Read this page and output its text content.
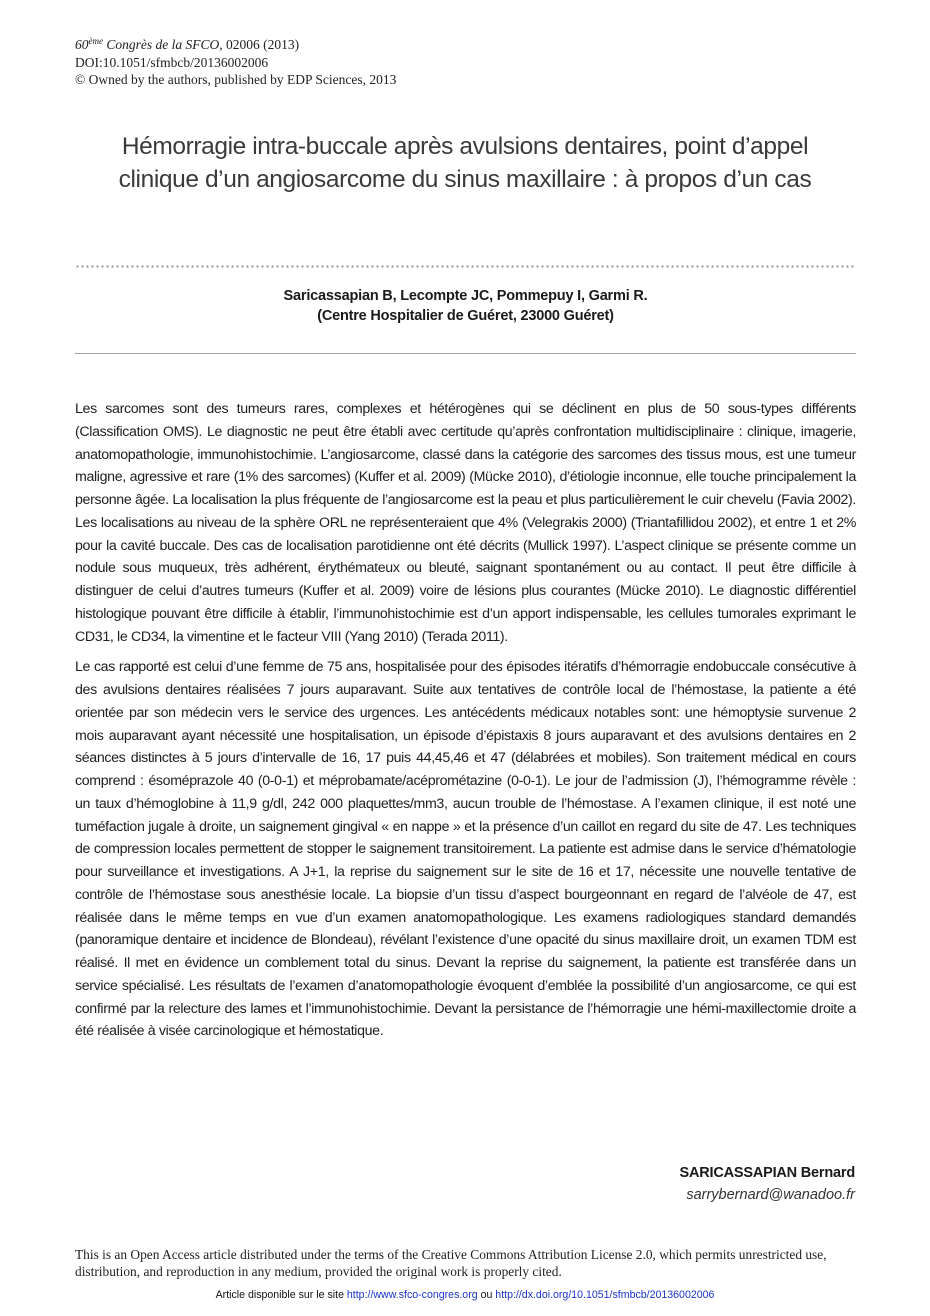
60ème Congrès de la SFCO, 02006 (2013)
DOI:10.1051/sfmbcb/20136002006
© Owned by the authors, published by EDP Sciences, 2013
Hémorragie intra-buccale après avulsions dentaires, point d’appel
clinique d’un angiosarcome du sinus maxillaire : à propos d’un cas
Saricassapian B, Lecompte JC, Pommepuy I, Garmi R.
(Centre Hospitalier de Guéret, 23000 Guéret)

Les sarcomes sont des tumeurs rares, complexes et hétérogènes qui se déclinent en plus de 50 sous-types différents (Classification OMS). Le diagnostic ne peut être établi avec certitude qu’après confrontation multidisciplinaire : clinique, imagerie, anatomopathologie, immunohistochimie. L’angiosarcome, classé dans la catégorie des sarcomes des tissus mous, est une tumeur maligne, agressive et rare (1% des sarcomes) (Kuffer et al. 2009) (Mücke 2010), d’étiologie inconnue, elle touche principalement la personne âgée. La localisation la plus fréquente de l’angiosarcome est la peau et plus particulièrement le cuir chevelu (Favia 2002). Les localisations au niveau de la sphère ORL ne représenteraient que 4% (Velegrakis 2000) (Triantafillidou 2002), et entre 1 et 2% pour la cavité buccale. Des cas de localisation parotidienne ont été décrits (Mullick 1997). L’aspect clinique se présente comme un nodule sous muqueux, très adhérent, érythémateux ou bleuté, saignant spontanément ou au contact. Il peut être difficile à distinguer de celui d’autres tumeurs (Kuffer et al. 2009) voire de lésions plus courantes (Mücke 2010). Le diagnostic différentiel histologique pouvant être difficile à établir, l’immunohistochimie est d’un apport indispensable, les cellules tumorales exprimant le CD31, le CD34, la vimentine et le facteur VIII (Yang 2010) (Terada 2011).

Le cas rapporté est celui d’une femme de 75 ans, hospitalisée pour des épisodes itératifs d’hémorragie endobuccale consécutive à des avulsions dentaires réalisées 7 jours auparavant. Suite aux tentatives de contrôle local de l’hémostase, la patiente a été orientée par son médecin vers le service des urgences. Les antécédents médicaux notables sont: une hémoptysie survenue 2 mois auparavant ayant nécessité une hospitalisation, un épisode d’épistaxis 8 jours auparavant et des avulsions dentaires en 2 séances distinctes à 5 jours d’intervalle de 16, 17 puis 44,45,46 et 47 (délabrées et mobiles). Son traitement médical en cours comprend : ésoméprazole 40 (0-0-1) et méprobamate/acéprométazine (0-0-1). Le jour de l’admission (J), l’hémogramme révèle : un taux d’hémoglobine à 11,9 g/dl, 242 000 plaquettes/mm3, aucun trouble de l’hémostase. A l’examen clinique, il est noté une tuméfaction jugale à droite, un saignement gingival « en nappe » et la présence d’un caillot en regard du site de 47. Les techniques de compression locales permettent de stopper le saignement transitoirement. La patiente est admise dans le service d’hématologie pour surveillance et investigations. A J+1, la reprise du saignement sur le site de 16 et 17, nécessite une nouvelle tentative de contrôle de l’hémostase sous anesthésie locale. La biopsie d’un tissu d’aspect bourgeonnant en regard de l’alvéole de 47, est réalisée dans le même temps en vue d’un examen anatomopathologique. Les examens radiologiques standard demandés (panoramique dentaire et incidence de Blondeau), révélant l’existence d’une opacité du sinus maxillaire droit, un examen TDM est réalisé. Il met en évidence un comblement total du sinus. Devant la reprise du saignement, la patiente est transférée dans un service spécialisé. Les résultats de l’examen d’anatomopathologie évoquent d’emblée la possibilité d’un angiosarcome, ce qui est confirmé par la relecture des lames et l’immunohistochimie. Devant la persistance de l’hémorragie une hémi-maxillectomie droite a été réalisée à visée carcinologique et hémostatique.

SARICASSAPIAN Bernard
sarrybernard@wanadoo.fr
This is an Open Access article distributed under the terms of the Creative Commons Attribution License 2.0, which permits unrestricted use, distribution, and reproduction in any medium, provided the original work is properly cited.
Article disponible sur le site http://www.sfco-congres.org ou http://dx.doi.org/10.1051/sfmbcb/20136002006
